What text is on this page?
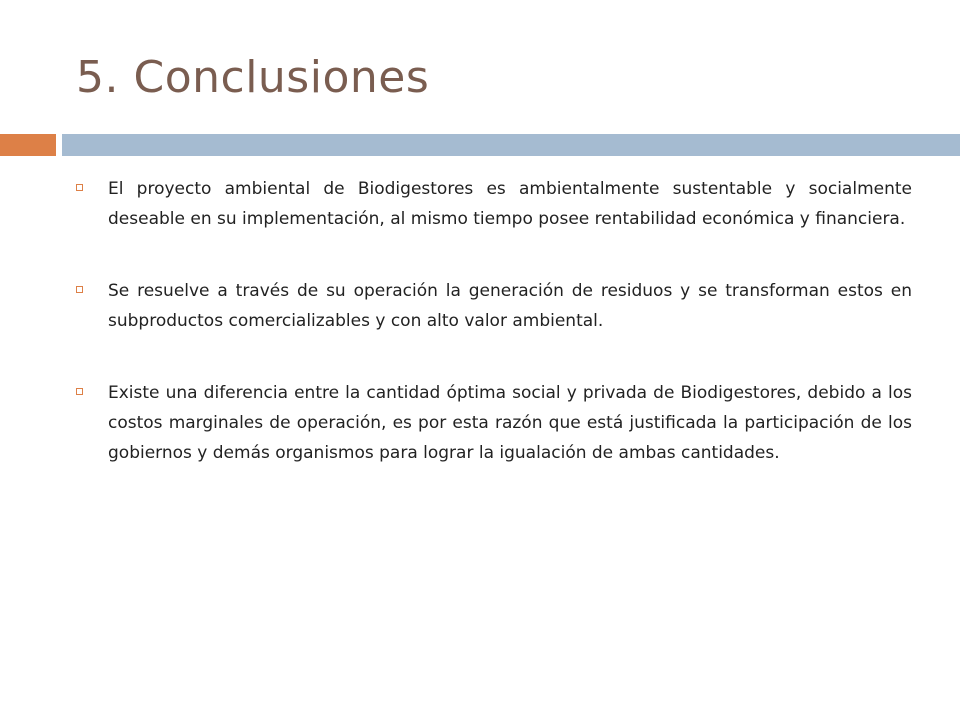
5. Conclusiones
El proyecto ambiental de Biodigestores es ambientalmente sustentable y socialmente deseable en su implementación, al mismo tiempo posee rentabilidad económica y financiera.
Se resuelve a través de su operación la generación de residuos y se transforman estos en subproductos comercializables y con alto valor ambiental.
Existe una diferencia entre la cantidad óptima social y privada de Biodigestores, debido a los costos marginales de operación, es por esta razón que está justificada la participación de los gobiernos y demás organismos para lograr la igualación de ambas cantidades.
